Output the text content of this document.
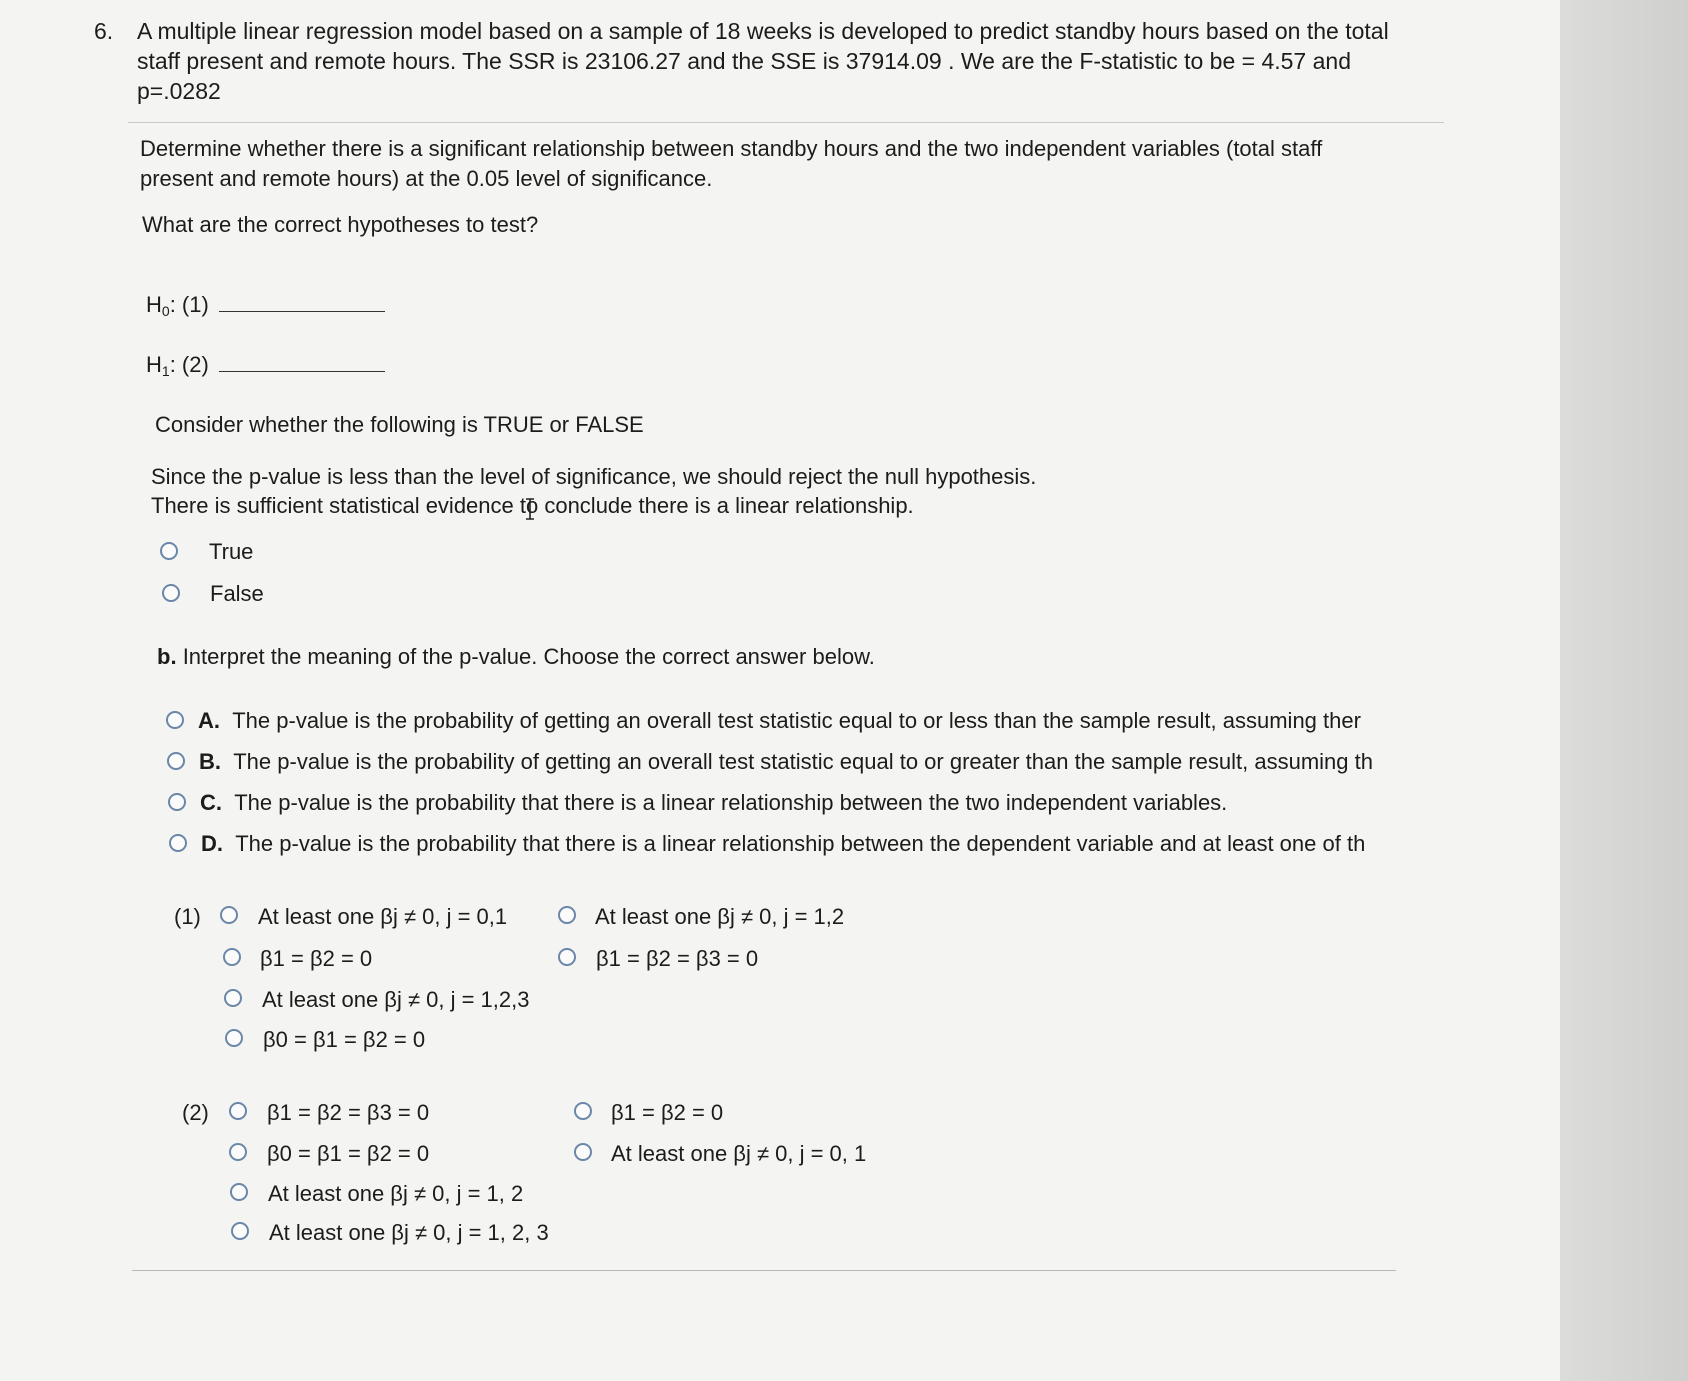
6. A multiple linear regression model based on a sample of 18 weeks is developed to predict standby hours based on the total
staff present and remote hours. The SSR is 23106.27 and the SSE is 37914.09 . We are the F-statistic to be = 4.57 and
p=.0282
Determine whether there is a significant relationship between standby hours and the two independent variables (total staff
present and remote hours) at the 0.05 level of significance.
What are the correct hypotheses to test?
$H_0$: (1)
$H_1$: (2)
Consider whether the following is TRUE or FALSE
Since the p-value is less than the level of significance, we should reject the null hypothesis.
There is sufficient statistical evidence to conclude there is a linear relationship.
True
False
b. Interpret the meaning of the p-value. Choose the correct answer below.
A. The p-value is the probability of getting an overall test statistic equal to or less than the sample result, assuming ther
B. The p-value is the probability of getting an overall test statistic equal to or greater than the sample result, assuming th
C. The p-value is the probability that there is a linear relationship between the two independent variables.
D. The p-value is the probability that there is a linear relationship between the dependent variable and at least one of th
(1)	At least one βj ≠ 0, j = 0,1	At least one βj ≠ 0, j = 1,2
β1 = β2 = 0	β1 = β2 = β3 = 0
At least one βj ≠ 0, j = 1,2,3
β0 = β1 = β2 = 0
(2)	β1 = β2 = β3 = 0	β1 = β2 = 0
β0 = β1 = β2 = 0	At least one βj ≠ 0, j = 0, 1
At least one βj ≠ 0, j = 1, 2
At least one βj ≠ 0, j = 1, 2, 3
